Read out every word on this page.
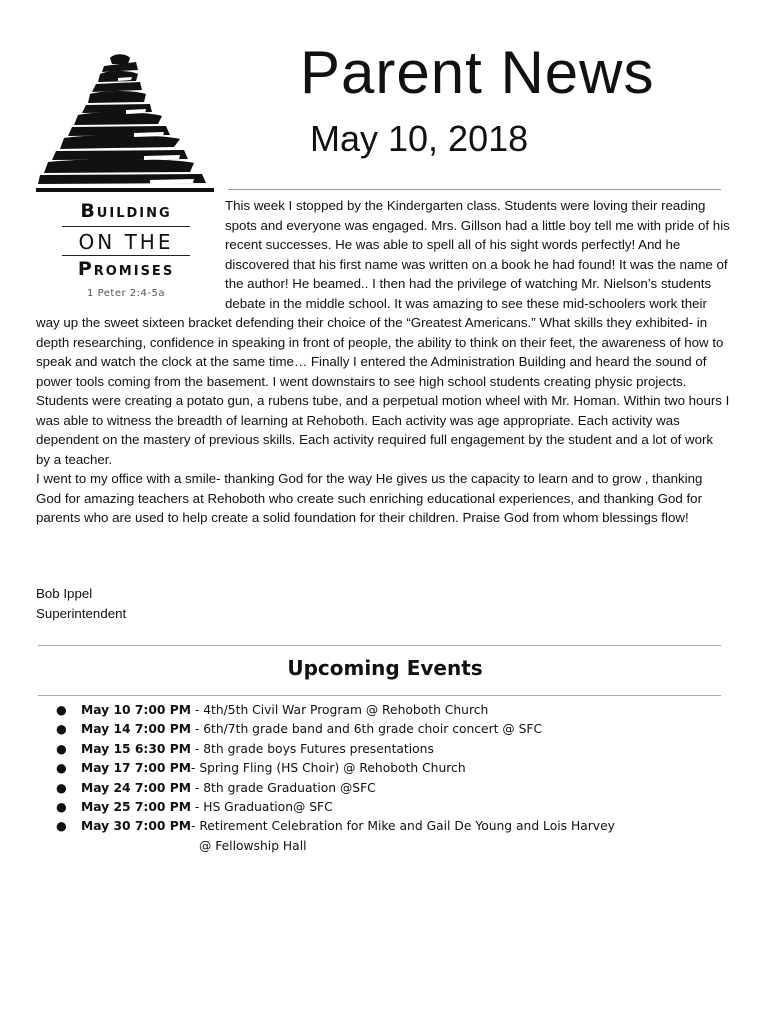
Building
ON THE
Promises
1 Peter 2:4-5a
Parent News
May 10, 2018

This week I stopped by the Kindergarten class. Students were loving their reading spots and everyone was engaged. Mrs. Gillson had a little boy tell me with pride of his recent successes. He was able to spell all of his sight words perfectly! And he discovered that his first name was written on a book he had found! It was the name of the author! He beamed.. I then had the privilege of watching Mr. Nielson’s students debate in the middle school. It was amazing to see these mid-schoolers work their way up the sweet sixteen bracket defending their choice of the “Greatest Americans.” What skills they exhibited- in depth researching, confidence in speaking in front of people, the ability to think on their feet, the awareness of how to speak and watch the clock at the same time… Finally I entered the Administration Building and heard the sound of power tools coming from the basement. I went downstairs to see high school students creating physic projects. Students were creating a potato gun, a rubens tube, and a perpetual motion wheel with Mr. Homan. Within two hours I was able to witness the breadth of learning at Rehoboth. Each activity was age appropriate. Each activity was dependent on the mastery of previous skills. Each activity required full engagement by the student and a lot of work by a teacher.

I went to my office with a smile- thanking God for the way He gives us the capacity to learn and to grow , thanking God for amazing teachers at Rehoboth who create such enriching educational experiences, and thanking God for parents who are used to help create a solid foundation for their children. Praise God from whom blessings flow!

Bob Ippel
Superintendent
Upcoming Events
● May 10 7:00 PM - 4th/5th Civil War Program @ Rehoboth Church
● May 14 7:00 PM - 6th/7th grade band and 6th grade choir concert @ SFC
● May 15 6:30 PM - 8th grade boys Futures presentations
● May 17 7:00 PM- Spring Fling (HS Choir) @ Rehoboth Church
● May 24 7:00 PM - 8th grade Graduation @SFC
● May 25 7:00 PM - HS Graduation@ SFC
● May 30 7:00 PM- Retirement Celebration for Mike and Gail De Young and Lois Harvey
@ Fellowship Hall
